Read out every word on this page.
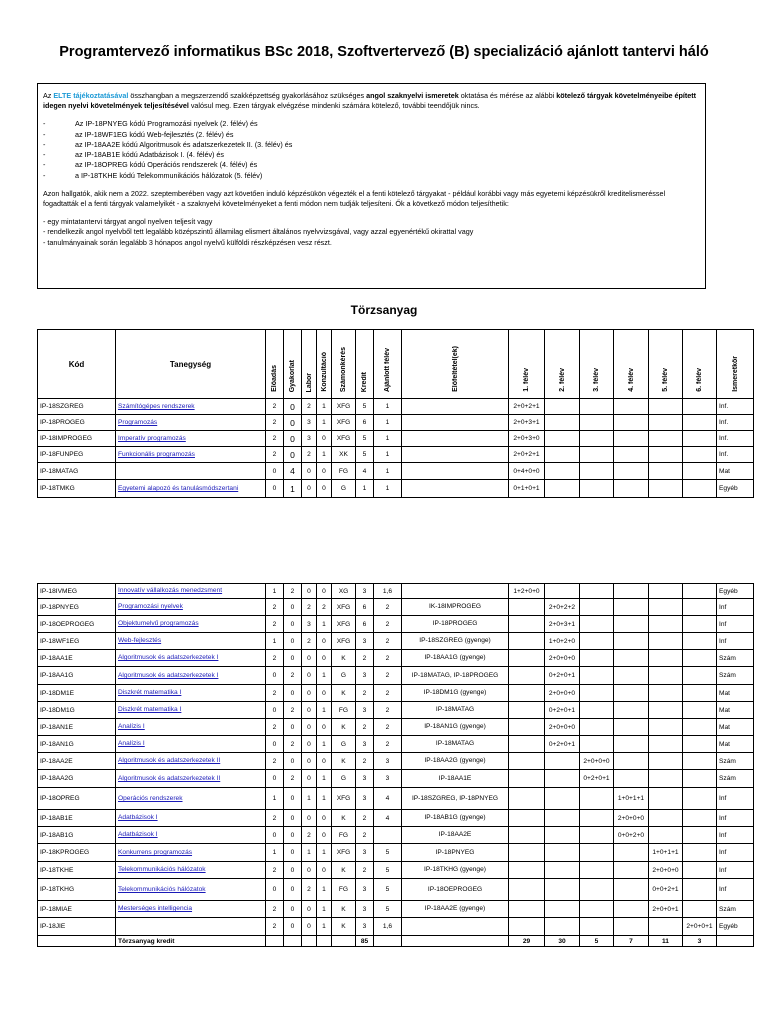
Programtervező informatikus BSc 2018, Szoftvertervező (B) specializáció ajánlott tantervi háló

Az ELTE tájékoztatásával összhangban a megszerzendő szakképzettség gyakorlásához szükséges angol szaknyelvi ismeretek oktatása és mérése az alábbi kötelező tárgyak követelményeibe épített idegen nyelvi követelmények teljesítésével valósul meg. Ezen tárgyak elvégzése mindenki számára kötelező, további teendőjük nincs.

-	Az IP-18PNYEG kódú Programozási nyelvek (2. félév) és
-	az IP-18WF1EG kódú Web-fejlesztés (2. félév) és
-	az IP-18AA2E kódú Algoritmusok és adatszerkezetek II. (3. félév) és
-	az IP-18AB1E kódú Adatbázisok I. (4. félév) és
-	az IP-18OPREG kódú Operációs rendszerek (4. félév) és
-	a IP-18TKHE kódú Telekommunikációs hálózatok (5. félév)

Azon hallgatók, akik nem a 2022. szeptemberében vagy azt követően induló képzésükön végezték el a fenti kötelező tárgyakat - például korábbi vagy más egyetemi képzésükről kreditelismeréssel fogadtatták el a fenti tárgyak valamelyikét - a szaknyelvi követelményeket a fenti módon nem tudják teljesíteni. Ők a következő módon teljesíthetik:

- egy mintatantervi tárgyat angol nyelven teljesít vagy

- rendelkezik angol nyelvből tett legalább középszintű államilag elismert általános nyelvvizsgával, vagy azzal egyenértékű okirattal vagy

- tanulmányainak során legalább 3 hónapos angol nyelvű külföldi részképzésen vesz részt.

Törzsanyag
Kód	Tanegység	Előadás	Gyakorlat	Labor	Konzultáció	Számonkérés	Kredit	Ajánlott félév	Előfeltétel(ek)	1. félév	2. félév	3. félév	4. félév	5. félév	6. félév	Ismeretkör
IP-18SZGREG	Számítógépes rendszerek	2	0	2	1	XFG	5	1		2+0+2+1						Inf.
IP-18PROGEG	Programozás	2	0	3	1	XFG	6	1		2+0+3+1						Inf.
IP-18IMPROGEG	Imperatív programozás	2	0	3	0	XFG	5	1		2+0+3+0						Inf.
IP-18FUNPEG	Funkcionális programozás	2	0	2	1	XK	5	1		2+0+2+1						Inf.
IP-18MATAG		0	4	0	0	FG	4	1		0+4+0+0						Mat
IP-18TMKG	Egyetemi alapozó és tanulásmódszertani	0	1	0	0	G	1	1		0+1+0+1						Egyéb
IP-18IVMEG	Innovatív vállalkozás menedzsment	1	2	0	0	XG	3	1,6		1+2+0+0						Egyéb
IP-18PNYEG	Programozási nyelvek	2	0	2	2	XFG	6	2	IK-18IMPROGEG		2+0+2+2					Inf
IP-18OEPROGEG	Objektumelvű programozás	2	0	3	1	XFG	6	2	IP-18PROGEG		2+0+3+1					Inf
IP-18WF1EG	Web-fejlesztés	1	0	2	0	XFG	3	2	IP-18SZGREG (gyenge)		1+0+2+0					Inf
IP-18AA1E	Algoritmusok és adatszerkezetek I	2	0	0	0	K	2	2	IP-18AA1G (gyenge)		2+0+0+0					Szám
IP-18AA1G	Algoritmusok és adatszerkezetek I	0	2	0	1	G	3	2	IP-18MATAG, IP-18PROGEG		0+2+0+1					Szám
IP-18DM1E	Diszkrét matematika I	2	0	0	0	K	2	2	IP-18DM1G (gyenge)		2+0+0+0					Mat
IP-18DM1G	Diszkrét matematika I	0	2	0	1	FG	3	2	IP-18MATAG		0+2+0+1					Mat
IP-18AN1E	Analízis I	2	0	0	0	K	2	2	IP-18AN1G (gyenge)		2+0+0+0					Mat
IP-18AN1G	Analízis I	0	2	0	1	G	3	2	IP-18MATAG		0+2+0+1					Mat
IP-18AA2E	Algoritmusok és adatszerkezetek II	2	0	0	0	K	2	3	IP-18AA2G (gyenge)			2+0+0+0				Szám
IP-18AA2G	Algoritmusok és adatszerkezetek II	0	2	0	1	G	3	3	IP-18AA1E			0+2+0+1				Szám
IP-18OPREG	Operációs rendszerek	1	0	1	1	XFG	3	4	IP-18SZGREG, IP-18PNYEG				1+0+1+1			Inf
IP-18AB1E	Adatbázisok I	2	0	0	0	K	2	4	IP-18AB1G (gyenge)				2+0+0+0			Inf
IP-18AB1G	Adatbázisok I	0	0	2	0	FG	2		IP-18AA2E				0+0+2+0			Inf
IP-18KPROGEG	Konkurrens programozás	1	0	1	1	XFG	3	5	IP-18PNYEG					1+0+1+1		Inf
IP-18TKHE	Telekommunikációs hálózatok	2	0	0	0	K	2	5	IP-18TKHG (gyenge)					2+0+0+0		Inf
IP-18TKHG	Telekommunikációs hálózatok	0	0	2	1	FG	3	5	IP-18OEPROGEG					0+0+2+1		Inf
IP-18MIAE	Mesterséges intelligencia	2	0	0	1	K	3	5	IP-18AA2E (gyenge)					2+0+0+1		Szám
IP-18JIE		2	0	0	1	K	3	1,6							2+0+0+1	Egyéb
	Törzsanyag kredit						85			29	30	5	7	11	3	
